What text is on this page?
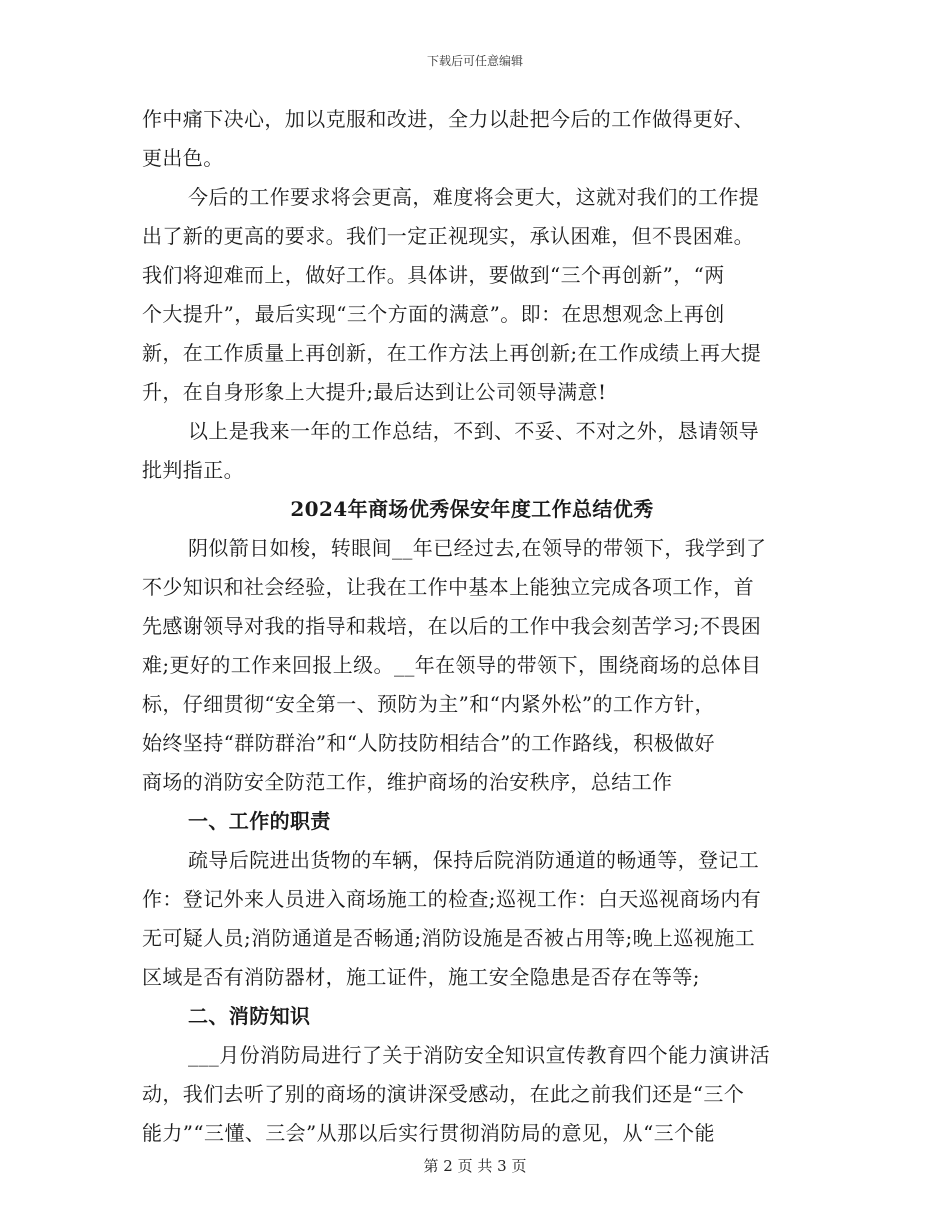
下载后可任意编辑
作中痛下决心，加以克服和改进，全力以赴把今后的工作做得更好、
更出色。
今后的工作要求将会更高，难度将会更大，这就对我们的工作提
出了新的更高的要求。我们一定正视现实，承认困难，但不畏困难。
我们将迎难而上，做好工作。具体讲，要做到“三个再创新”，“两
个大提升”，最后实现“三个方面的满意”。即：在思想观念上再创
新，在工作质量上再创新，在工作方法上再创新;在工作成绩上再大提
升，在自身形象上大提升;最后达到让公司领导满意!
以上是我来一年的工作总结，不到、不妥、不对之外，恳请领导
批判指正。
2024年商场优秀保安年度工作总结优秀
阴似箭日如梭，转眼间__年已经过去,在领导的带领下，我学到了
不少知识和社会经验，让我在工作中基本上能独立完成各项工作，首
先感谢领导对我的指导和栽培，在以后的工作中我会刻苦学习;不畏困
难;更好的工作来回报上级。__年在领导的带领下，围绕商场的总体目
标，仔细贯彻“安全第一、预防为主”和“内紧外松”的工作方针，
始终坚持“群防群治”和“人防技防相结合”的工作路线，积极做好
商场的消防安全防范工作，维护商场的治安秩序，总结工作
一、工作的职责
疏导后院进出货物的车辆，保持后院消防通道的畅通等，登记工
作：登记外来人员进入商场施工的检查;巡视工作：白天巡视商场内有
无可疑人员;消防通道是否畅通;消防设施是否被占用等;晚上巡视施工
区域是否有消防器材，施工证件，施工安全隐患是否存在等等;
二、消防知识
___月份消防局进行了关于消防安全知识宣传教育四个能力演讲活
动，我们去听了别的商场的演讲深受感动，在此之前我们还是“三个
能力”“三懂、三会”从那以后实行贯彻消防局的意见，从“三个能
第 2 页 共 3 页
